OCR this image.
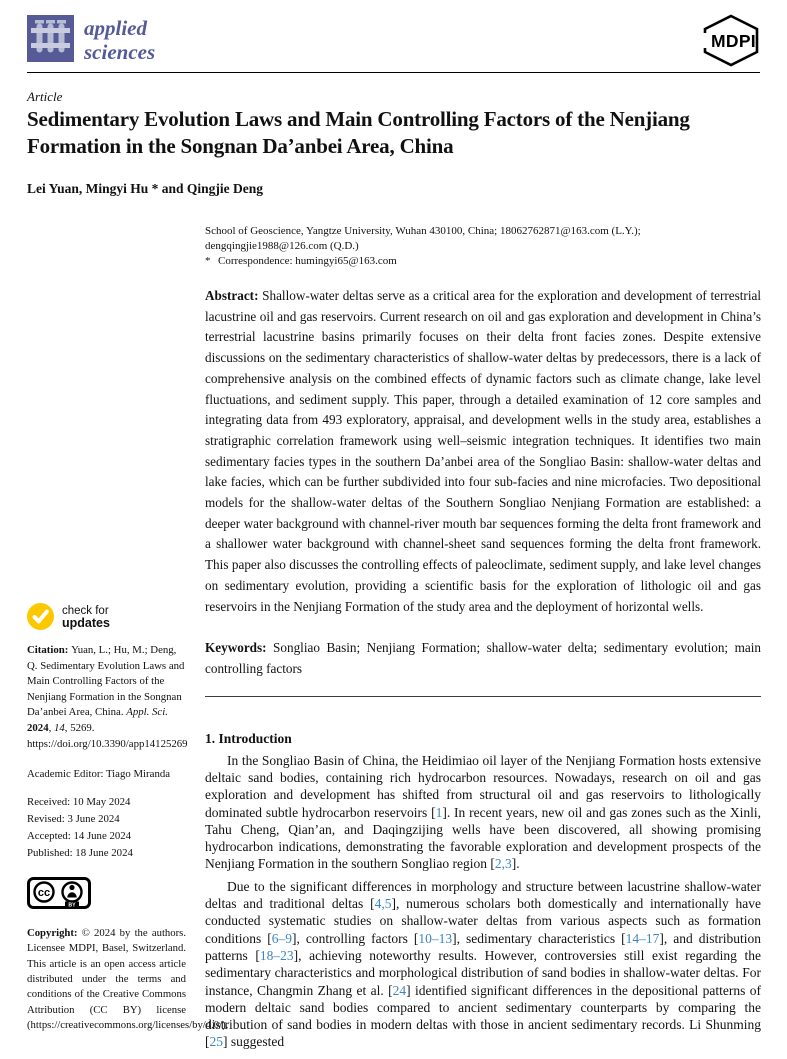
applied
sciences	MDPI
Article
Sedimentary Evolution Laws and Main Controlling Factors of the Nenjiang Formation in the Songnan Da’anbei Area, China
Lei Yuan, Mingyi Hu * and Qingjie Deng
School of Geoscience, Yangtze University, Wuhan 430100, China; 18062762871@163.com (L.Y.); dengqingjie1988@126.com (Q.D.)
* Correspondence: humingyi65@163.com
Abstract: Shallow-water deltas serve as a critical area for the exploration and development of terrestrial lacustrine oil and gas reservoirs. Current research on oil and gas exploration and development in China’s terrestrial lacustrine basins primarily focuses on their delta front facies zones. Despite extensive discussions on the sedimentary characteristics of shallow-water deltas by predecessors, there is a lack of comprehensive analysis on the combined effects of dynamic factors such as climate change, lake level fluctuations, and sediment supply. This paper, through a detailed examination of 12 core samples and integrating data from 493 exploratory, appraisal, and development wells in the study area, establishes a stratigraphic correlation framework using well–seismic integration techniques. It identifies two main sedimentary facies types in the southern Da’anbei area of the Songliao Basin: shallow-water deltas and lake facies, which can be further subdivided into four sub-facies and nine microfacies. Two depositional models for the shallow-water deltas of the Southern Songliao Nenjiang Formation are established: a deeper water background with channel-river mouth bar sequences forming the delta front framework and a shallower water background with channel-sheet sand sequences forming the delta front framework. This paper also discusses the controlling effects of paleoclimate, sediment supply, and lake level changes on sedimentary evolution, providing a scientific basis for the exploration of lithologic oil and gas reservoirs in the Nenjiang Formation of the study area and the deployment of horizontal wells.
Keywords: Songliao Basin; Nenjiang Formation; shallow-water delta; sedimentary evolution; main controlling factors
1. Introduction

In the Songliao Basin of China, the Heidimiao oil layer of the Nenjiang Formation hosts extensive deltaic sand bodies, containing rich hydrocarbon resources. Nowadays, research on oil and gas exploration and development has shifted from structural oil and gas reservoirs to lithologically dominated subtle hydrocarbon reservoirs [1]. In recent years, new oil and gas zones such as the Xinli, Tahu Cheng, Qian’an, and Daqingzijing wells have been discovered, all showing promising hydrocarbon indications, demonstrating the favorable exploration and development prospects of the Nenjiang Formation in the southern Songliao region [2,3].

Due to the significant differences in morphology and structure between lacustrine shallow-water deltas and traditional deltas [4,5], numerous scholars both domestically and internationally have conducted systematic studies on shallow-water deltas from various aspects such as formation conditions [6–9], controlling factors [10–13], sedimentary characteristics [14–17], and distribution patterns [18–23], achieving noteworthy results. However, controversies still exist regarding the sedimentary characteristics and morphological distribution of sand bodies in shallow-water deltas. For instance, Changmin Zhang et al. [24] identified significant differences in the depositional patterns of modern deltaic sand bodies compared to ancient sedimentary counterparts by comparing the distribution of sand bodies in modern deltas with those in ancient sedimentary records. Li Shunming [25] suggested

check for
updates
Citation: Yuan, L.; Hu, M.; Deng, Q. Sedimentary Evolution Laws and Main Controlling Factors of the Nenjiang Formation in the Songnan Da’anbei Area, China. Appl. Sci. 2024, 14, 5269. https://doi.org/10.3390/app14125269
Academic Editor: Tiago Miranda
Received: 10 May 2024
Revised: 3 June 2024
Accepted: 14 June 2024
Published: 18 June 2024
cc
BY
Copyright: © 2024 by the authors. Licensee MDPI, Basel, Switzerland. This article is an open access article distributed under the terms and conditions of the Creative Commons Attribution (CC BY) license (https://creativecommons.org/licenses/by/4.0/).
